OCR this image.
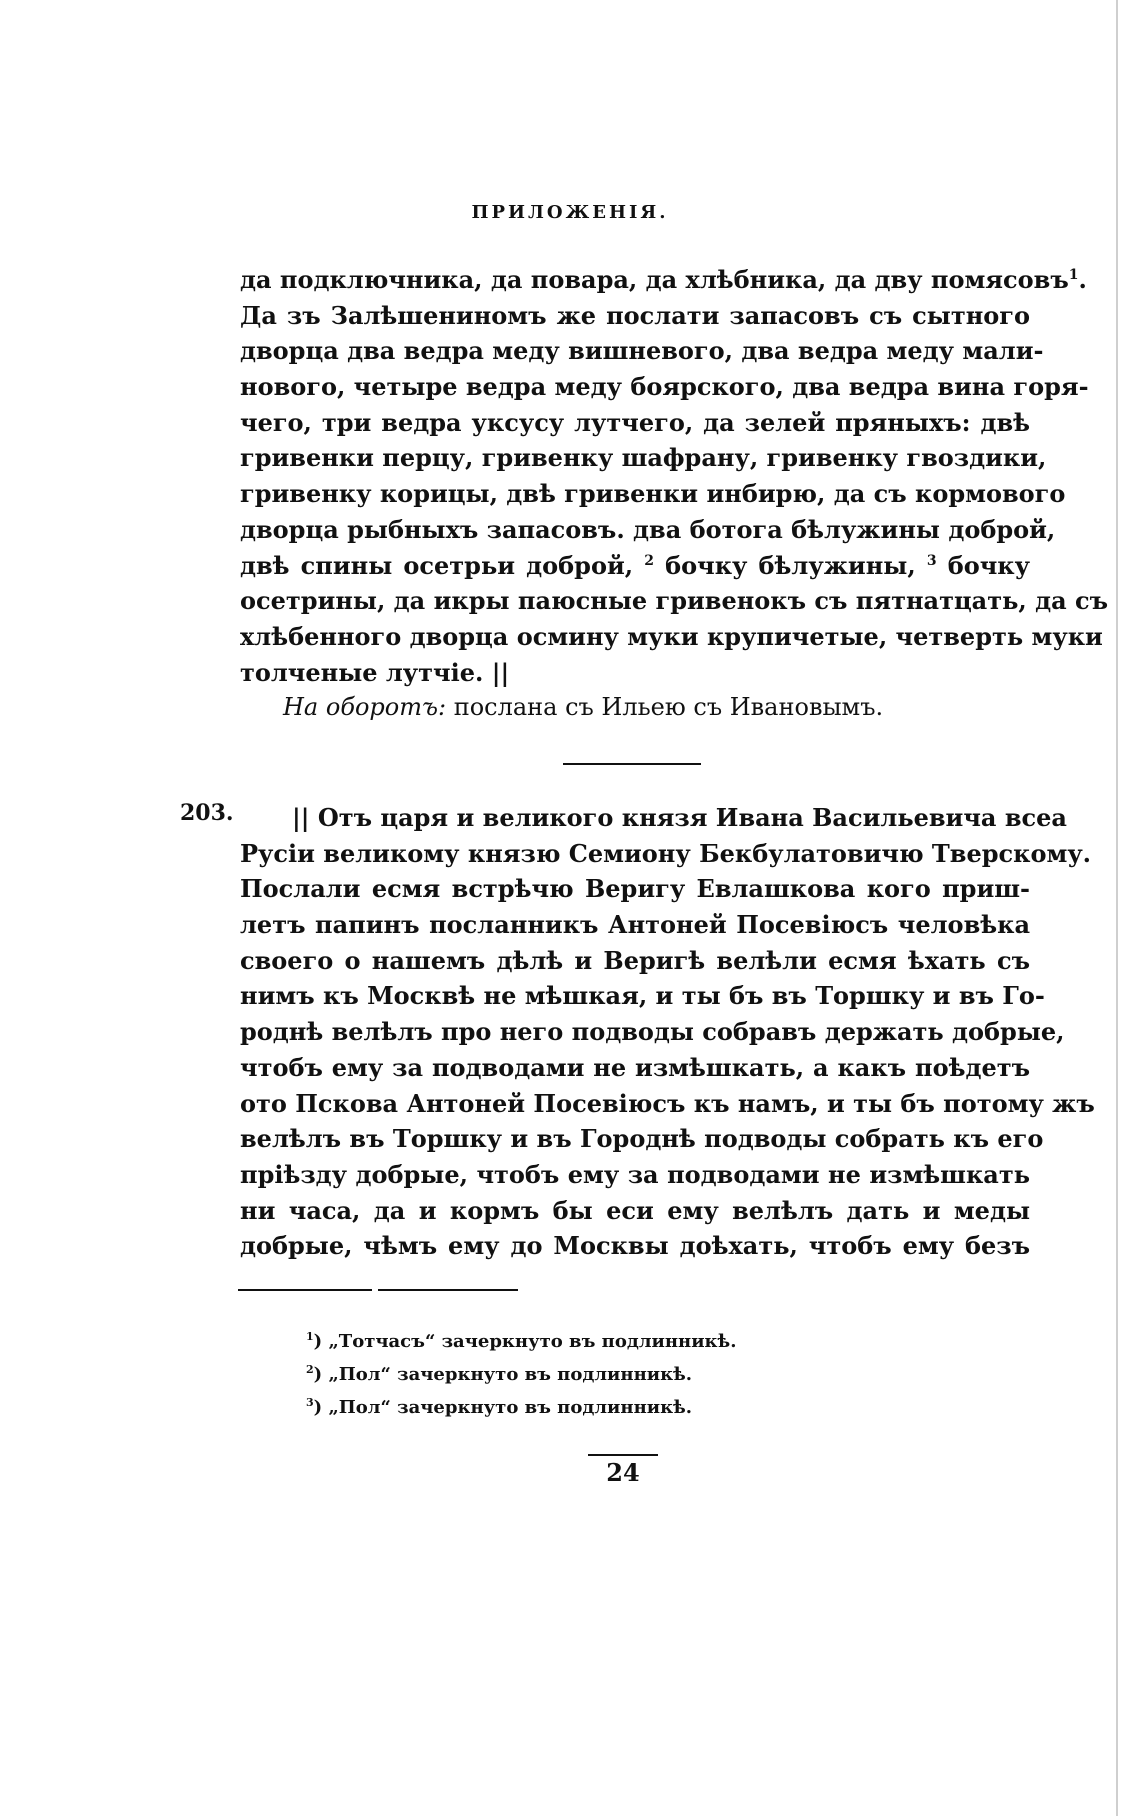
ПРИЛОЖЕНІЯ.
да подключника, да повара, да хлѣбника, да дву помясовъ$^1$.
Да зъ Залѣшениномъ же послати запасовъ съ сытного
дворца два ведра меду вишневого, два ведра меду мали-
нового, четыре ведра меду боярского, два ведра вина горя-
чего, три ведра уксусу лутчего, да зелей пряныхъ: двѣ
гривенки перцу, гривенку шафрану, гривенку гвоздики,
гривенку корицы, двѣ гривенки инбирю, да съ кормового
дворца рыбныхъ запасовъ. два ботога бѣлужины доброй,
двѣ спины осетрьи доброй, $^2$ бочку бѣлужины, $^3$ бочку
осетрины, да икры паюсные гривенокъ съ пятнатцать, да съ
хлѣбенного дворца осмину муки крупичетые, четверть муки
толченые лутчіе. ||
На оборотъ: послана съ Ильею съ Ивановымъ.
203.	|| Отъ царя и великого князя Ивана Васильевича всеа
Русіи великому князю Семиону Бекбулатовичю Тверскому.
Послали есмя встрѣчю Веригу Евлашкова кого приш-
летъ папинъ посланникъ Антоней Посевіюсъ человѣка
своего о нашемъ дѣлѣ и Веригѣ велѣли есмя ѣхать съ
нимъ къ Москвѣ не мѣшкая, и ты бъ въ Торшку и въ Го-
роднѣ велѣлъ про него подводы собравъ держать добрые,
чтобъ ему за подводами не измѣшкать, а какъ поѣдетъ
ото Пскова Антоней Посевіюсъ къ намъ, и ты бъ потому жъ
велѣлъ въ Торшку и въ Городнѣ подводы собрать къ его
пріѣзду добрые, чтобъ ему за подводами не измѣшкать
ни часа, да и кормъ бы еси ему велѣлъ дать и меды
добрые, чѣмъ ему до Москвы доѣхать, чтобъ ему безъ
$^1$) „Тотчасъ“ зачеркнуто въ подлинникѣ.
$^2$) „Пол“ зачеркнуто въ подлинникѣ.
$^3$) „Пол“ зачеркнуто въ подлинникѣ.
24
